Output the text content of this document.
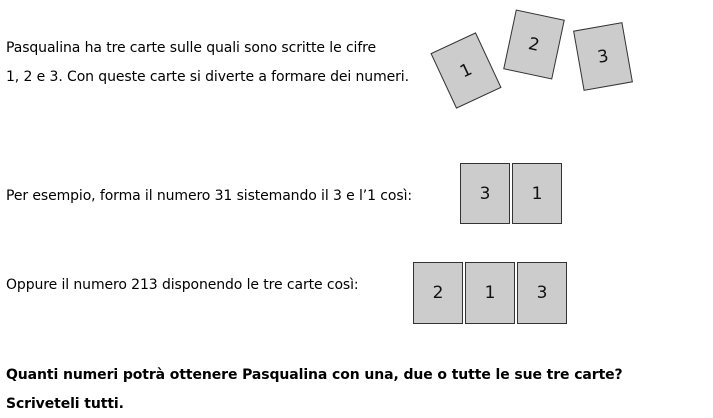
Pasqualina ha tre carte sulle quali sono scritte le cifre
1, 2 e 3. Con queste carte si diverte a formare dei numeri.	1
2
3
Per esempio, forma il numero 31 sistemando il 3 e l’1 così:	3 1
Oppure il numero 213 disponendo le tre carte così:	2 1 3
Quanti numeri potrà ottenere Pasqualina con una, due o tutte le sue tre carte?
Scriveteli tutti.
